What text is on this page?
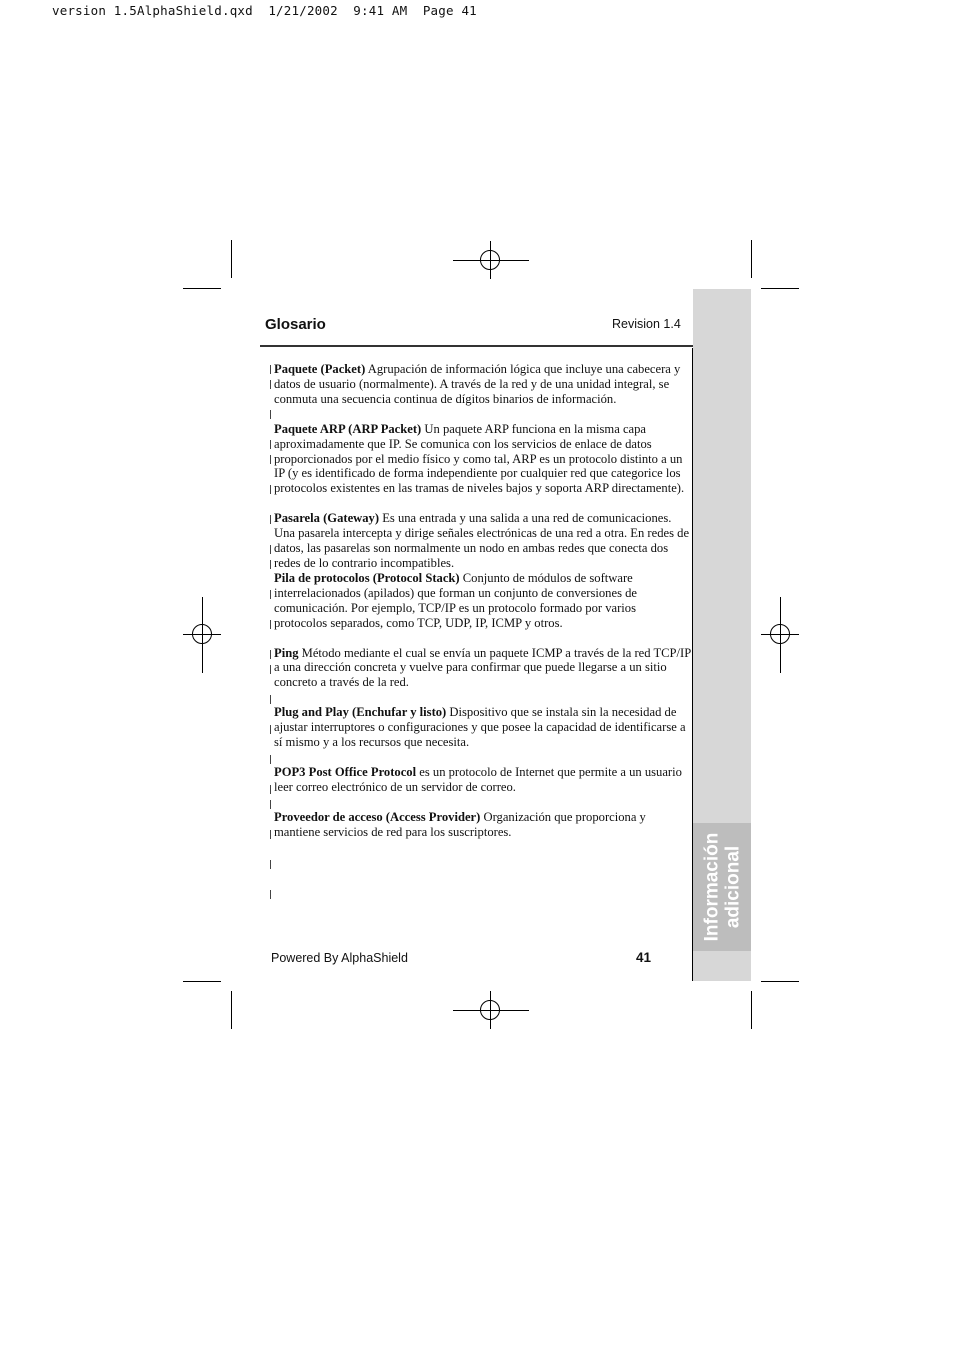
version 1.5AlphaShield.qxd  1/21/2002  9:41 AM  Page 41
Información adicional
Glosario	Revision 1.4

Paquete (Packet) Agrupación de información lógica que incluye una cabecera y datos de usuario (normalmente). A través de la red y de una unidad integral, se conmuta una secuencia continua de dígitos binarios de información.

Paquete ARP (ARP Packet) Un paquete ARP funciona en la misma capa aproximadamente que IP. Se comunica con los servicios de enlace de datos proporcionados por el medio físico y como tal, ARP es un protocolo distinto a un IP (y es identificado de forma independiente por cualquier red que categorice los protocolos existentes en las tramas de niveles bajos y soporta ARP directamente).

Pasarela (Gateway) Es una entrada y una salida a una red de comunicaciones. Una pasarela intercepta y dirige señales electrónicas de una red a otra. En redes de datos, las pasarelas son normalmente un nodo en ambas redes que conecta dos redes de lo contrario incompatibles.

Pila de protocolos (Protocol Stack) Conjunto de módulos de software interrelacionados (apilados) que forman un conjunto de conversiones de comunicación. Por ejemplo, TCP/IP es un protocolo formado por varios protocolos separados, como TCP, UDP, IP, ICMP y otros.

Ping Método mediante el cual se envía un paquete ICMP a través de la red TCP/IP a una dirección concreta y vuelve para confirmar que puede llegarse a un sitio concreto a través de la red.

Plug and Play (Enchufar y listo) Dispositivo que se instala sin la necesidad de ajustar interruptores o configuraciones y que posee la capacidad de identificarse a sí mismo y a los recursos que necesita.

POP3 Post Office Protocol es un protocolo de Internet que permite a un usuario leer correo electrónico de un servidor de correo.

Proveedor de acceso (Access Provider) Organización que proporciona y mantiene servicios de red para los suscriptores.

Powered By AlphaShield	41
